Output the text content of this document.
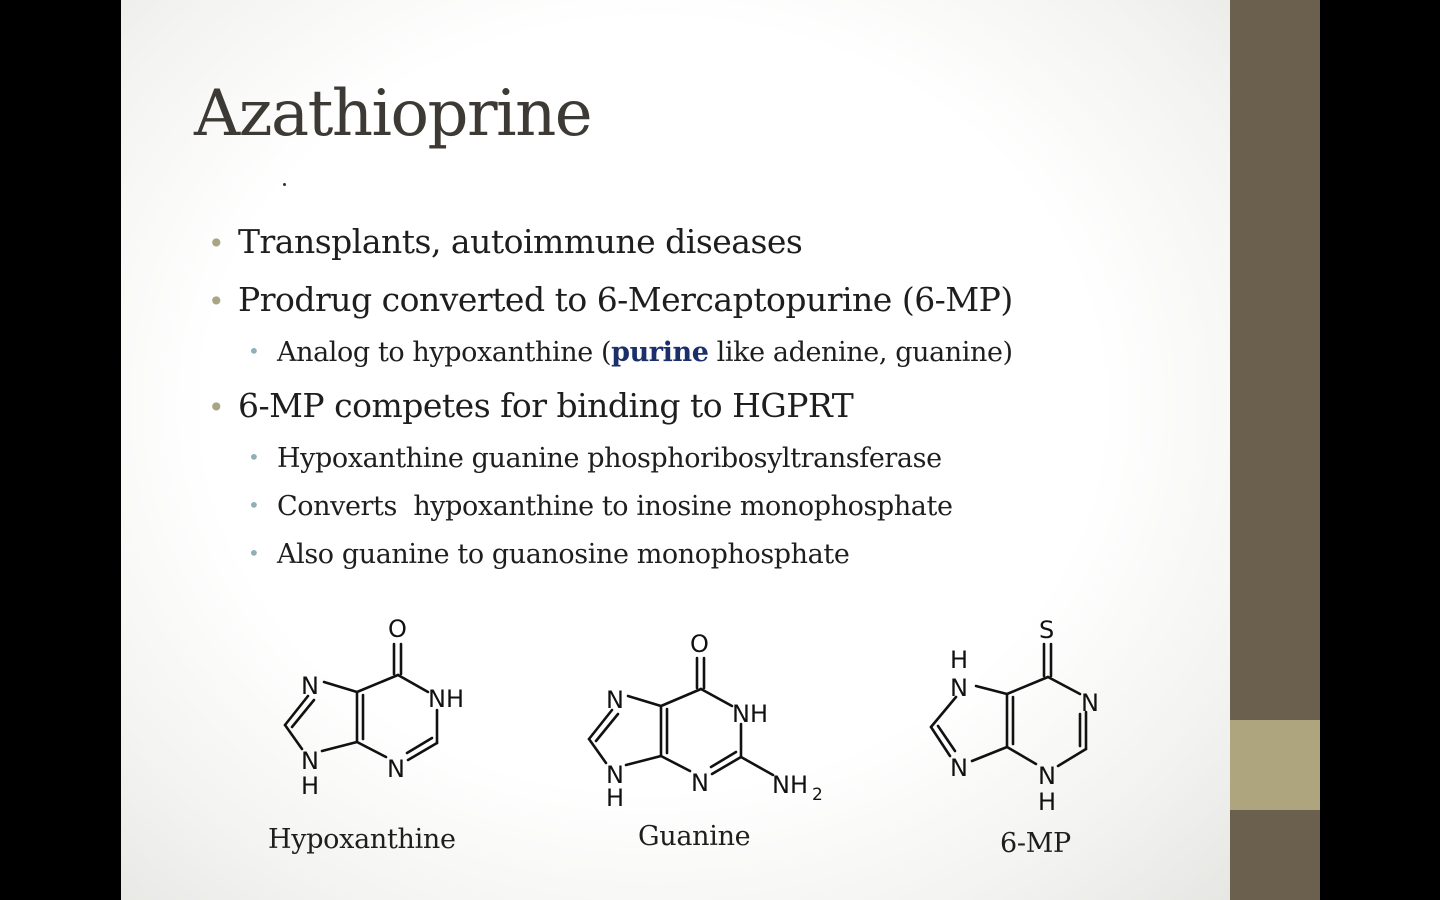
Azathioprine
• Transplants, autoimmune diseases
• Prodrug converted to 6-Mercaptopurine (6-MP)
• Analog to hypoxanthine (purine like adenine, guanine)
• 6-MP competes for binding to HGPRT
• Hypoxanthine guanine phosphoribosyltransferase
• Converts  hypoxanthine to inosine monophosphate
• Also guanine to guanosine monophosphate
O
N	NH
N
H
N
Hypoxanthine
O
N	NH
N
H
N	NH 2
Guanine
S
H
N
N
N	N
H
6-MP
